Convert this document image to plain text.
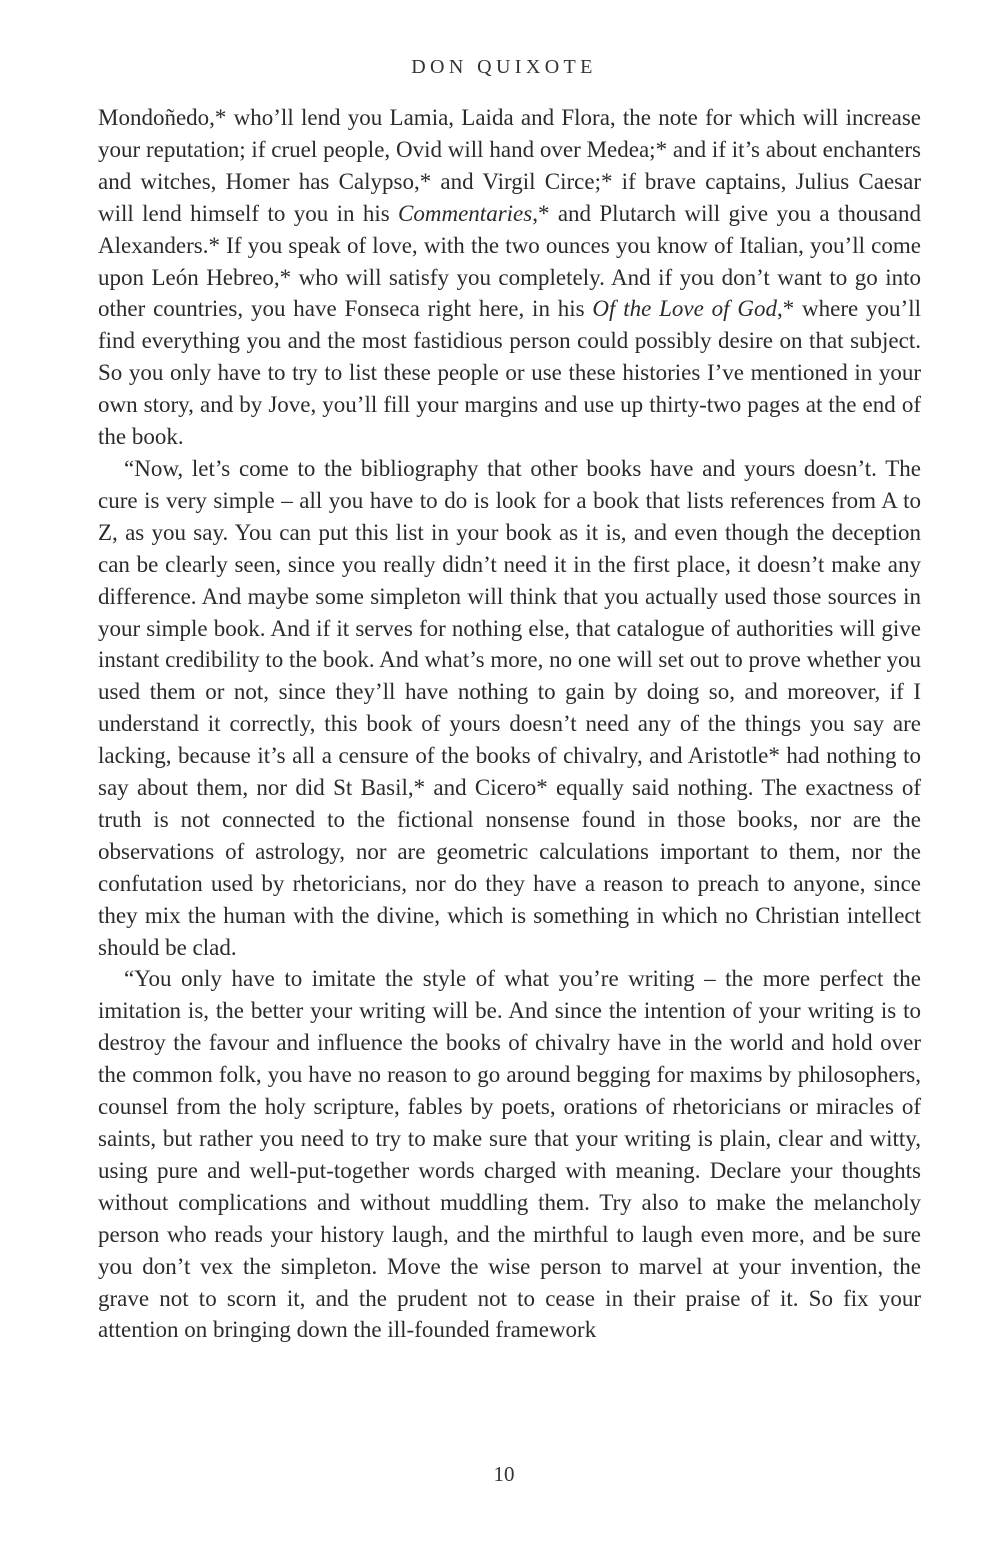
DON QUIXOTE

Mondoñedo,* who’ll lend you Lamia, Laida and Flora, the note for which will increase your reputation; if cruel people, Ovid will hand over Medea;* and if it’s about enchanters and witches, Homer has Calypso,* and Virgil Circe;* if brave captains, Julius Caesar will lend himself to you in his Commentaries,* and Plutarch will give you a thousand Alexanders.* If you speak of love, with the two ounces you know of Italian, you’ll come upon León Hebreo,* who will satisfy you completely. And if you don’t want to go into other countries, you have Fonseca right here, in his Of the Love of God,* where you’ll find everything you and the most fastidious person could possibly desire on that subject. So you only have to try to list these people or use these histories I’ve mentioned in your own story, and by Jove, you’ll fill your margins and use up thirty-two pages at the end of the book.

“Now, let’s come to the bibliography that other books have and yours doesn’t. The cure is very simple – all you have to do is look for a book that lists references from A to Z, as you say. You can put this list in your book as it is, and even though the deception can be clearly seen, since you really didn’t need it in the first place, it doesn’t make any difference. And maybe some simpleton will think that you actually used those sources in your simple book. And if it serves for nothing else, that catalogue of authorities will give instant credibility to the book. And what’s more, no one will set out to prove whether you used them or not, since they’ll have nothing to gain by doing so, and moreover, if I understand it correctly, this book of yours doesn’t need any of the things you say are lacking, because it’s all a censure of the books of chivalry, and Aristotle* had nothing to say about them, nor did St Basil,* and Cicero* equally said nothing. The exactness of truth is not connected to the fictional nonsense found in those books, nor are the observations of astrology, nor are geometric calculations important to them, nor the confutation used by rhetoricians, nor do they have a reason to preach to anyone, since they mix the human with the divine, which is something in which no Christian intellect should be clad.

“You only have to imitate the style of what you’re writing – the more perfect the imitation is, the better your writing will be. And since the intention of your writing is to destroy the favour and influence the books of chivalry have in the world and hold over the common folk, you have no reason to go around begging for maxims by philosophers, counsel from the holy scripture, fables by poets, orations of rhetoricians or miracles of saints, but rather you need to try to make sure that your writing is plain, clear and witty, using pure and well-put-together words charged with meaning. Declare your thoughts without complications and without muddling them. Try also to make the melancholy person who reads your history laugh, and the mirthful to laugh even more, and be sure you don’t vex the simpleton. Move the wise person to marvel at your invention, the grave not to scorn it, and the prudent not to cease in their praise of it. So fix your attention on bringing down the ill-founded framework

10
